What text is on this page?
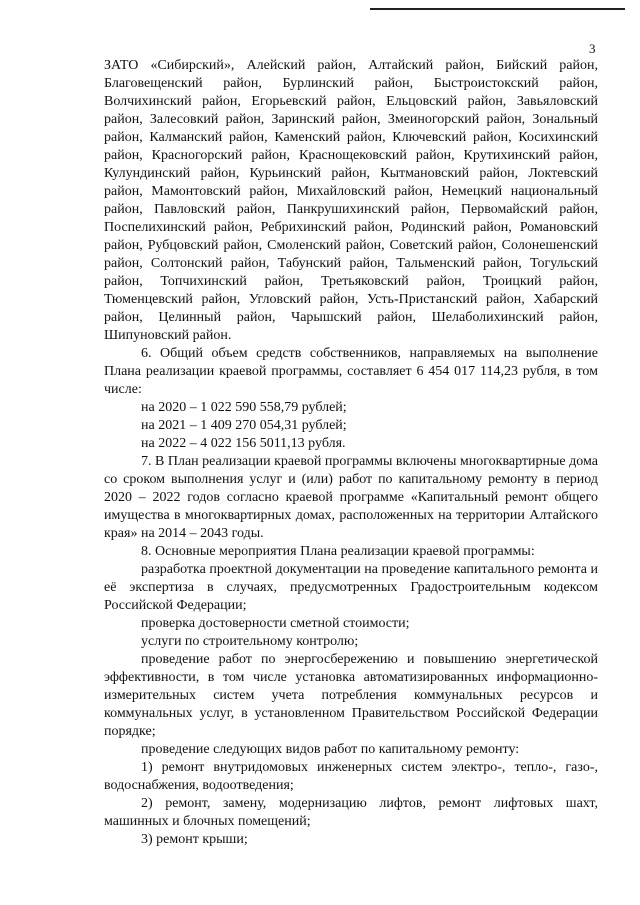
3

ЗАТО «Сибирский», Алейский район, Алтайский район, Бийский район, Благовещенский район, Бурлинский район, Быстроистокский район, Волчихинский район, Егорьевский район, Ельцовский район, Завьяловский район, Залесовкий район, Заринский район, Змеиногорский район, Зональный район, Калманский район, Каменский район, Ключевский район, Косихинский район, Красногорский район, Краснощековский район, Крутихинский район, Кулундинский район, Курьинский район, Кытмановский район, Локтевский район, Мамонтовский район, Михайловский район, Немецкий национальный район, Павловский район, Панкрушихинский район, Первомайский район, Поспелихинский район, Ребрихинский район, Родинский район, Романовский район, Рубцовский район, Смоленский район, Советский район, Солонешенский район, Солтонский район, Табунский район, Тальменский район, Тогульский район, Топчихинский район, Третьяковский район, Троицкий район, Тюменцевский район, Угловский район, Усть-Пристанский район, Хабарский район, Целинный район, Чарышский район, Шелаболихинский район, Шипуновский район.

6. Общий объем средств собственников, направляемых на выполнение Плана реализации краевой программы, составляет 6 454 017 114,23 рубля, в том числе:

на 2020 – 1 022 590 558,79 рублей;

на 2021 – 1 409 270 054,31 рублей;

на 2022 – 4 022 156 5011,13 рубля.

7. В План реализации краевой программы включены многоквартирные дома со сроком выполнения услуг и (или) работ по капитальному ремонту в период 2020 – 2022 годов согласно краевой программе «Капитальный ремонт общего имущества в многоквартирных домах, расположенных на территории Алтайского края» на 2014 – 2043 годы.

8. Основные мероприятия Плана реализации краевой программы:

разработка проектной документации на проведение капитального ремонта и её экспертиза в случаях, предусмотренных Градостроительным кодексом Российской Федерации;

проверка достоверности сметной стоимости;

услуги по строительному контролю;

проведение работ по энергосбережению и повышению энергетической эффективности, в том числе установка автоматизированных информационно-измерительных систем учета потребления коммунальных ресурсов и коммунальных услуг, в установленном Правительством Российской Федерации порядке;

проведение следующих видов работ по капитальному ремонту:

1) ремонт внутридомовых инженерных систем электро-, тепло-, газо-, водоснабжения, водоотведения;

2) ремонт, замену, модернизацию лифтов, ремонт лифтовых шахт, машинных и блочных помещений;

3) ремонт крыши;
